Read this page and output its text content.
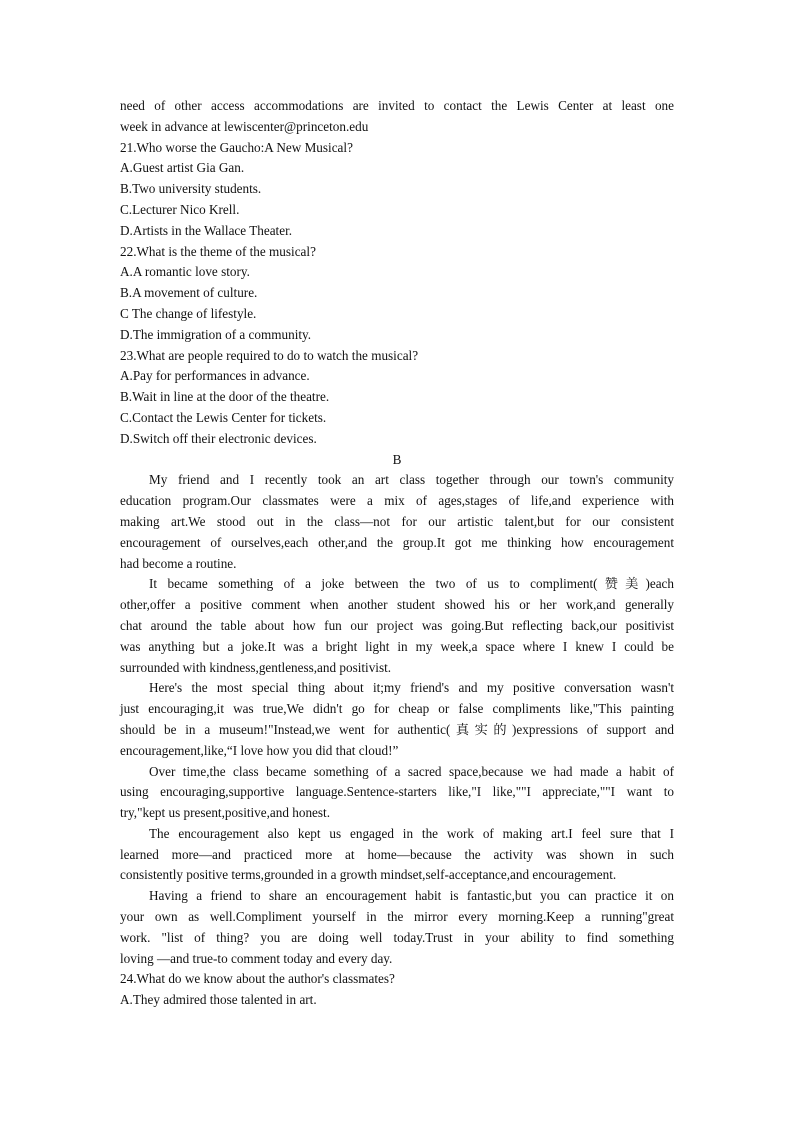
need of other access accommodations are invited to contact the Lewis Center at least one

week in advance at lewiscenter@princeton.edu

21.Who worse the Gaucho:A New Musical?

A.Guest artist Gia Gan.

B.Two university students.

C.Lecturer Nico Krell.

D.Artists in the Wallace Theater.

22.What is the theme of the musical?

A.A romantic love story.

B.A movement of culture.

C The change of lifestyle.

D.The immigration of a community.

23.What are people required to do to watch the musical?

A.Pay for performances in advance.

B.Wait in line at the door of the theatre.

C.Contact the Lewis Center for tickets.

D.Switch off their electronic devices.

B

My friend and I recently took an art class together through our town's community

education program.Our classmates were a mix of ages,stages of life,and experience with

making art.We stood out in the class—not for our artistic talent,but for our consistent

encouragement of ourselves,each other,and the group.It got me thinking how encouragement

had become a routine.

It became something of a joke between the two of us to compliment(赞美)each

other,offer a positive comment when another student showed his or her work,and generally

chat around the table about how fun our project was going.But reflecting back,our positivist

was anything but a joke.It was a bright light in my week,a space where I knew I could be

surrounded with kindness,gentleness,and positivist.

Here's the most special thing about it;my friend's and my positive conversation wasn't

just encouraging,it was true,We didn't go for cheap or false compliments like,"This painting

should be in a museum!"Instead,we went for authentic(真实的)expressions of support and

encouragement,like,“I love how you did that cloud!”

Over time,the class became something of a sacred space,because we had made a habit of

using encouraging,supportive language.Sentence-starters like,"I like,""I appreciate,""I want to

try,"kept us present,positive,and honest.

The encouragement also kept us engaged in the work of making art.I feel sure that I

learned more—and practiced more at home—because the activity was shown in such

consistently positive terms,grounded in a growth mindset,self-acceptance,and encouragement.

Having a friend to share an encouragement habit is fantastic,but you can practice it on

your own as well.Compliment yourself in the mirror every morning.Keep a running"great

work. "list of thing? you are doing well today.Trust in your ability to find something

loving —and true-to comment today and every day.

24.What do we know about the author's classmates?

A.They admired those talented in art.
